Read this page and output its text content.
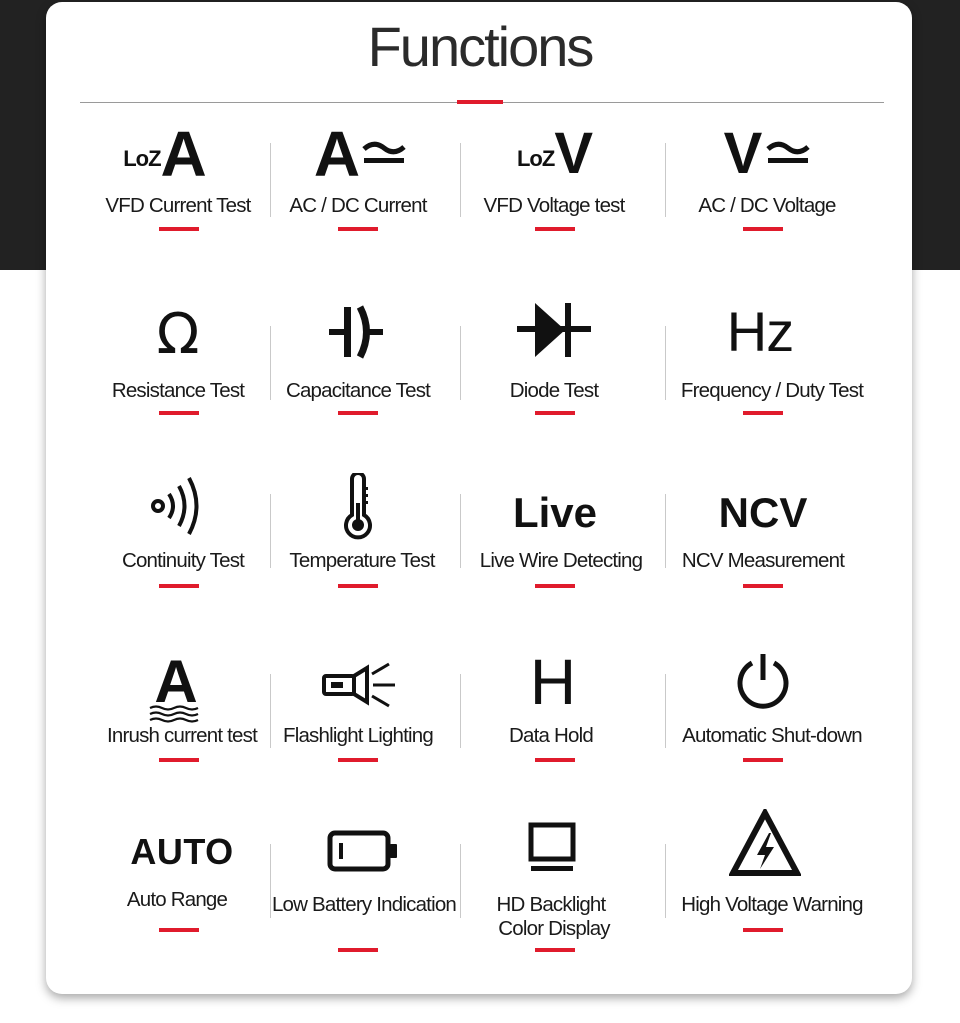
Functions
LoZ A
VFD Current Test
A
AC / DC Current
LoZ V
VFD Voltage test
V
AC / DC Voltage
Ω
Resistance Test	Capacitance Test	Diode Test
Hz
Frequency / Duty Test
Continuity Test	Temperature Test
Live
Live Wire Detecting
NCV
NCV Measurement
A
Inrush current test	Flashlight Lighting
H
Data Hold	Automatic Shut-down
AUTO
Auto Range	Low Battery Indication	HD Backlight
Color Display
High Voltage Warning
